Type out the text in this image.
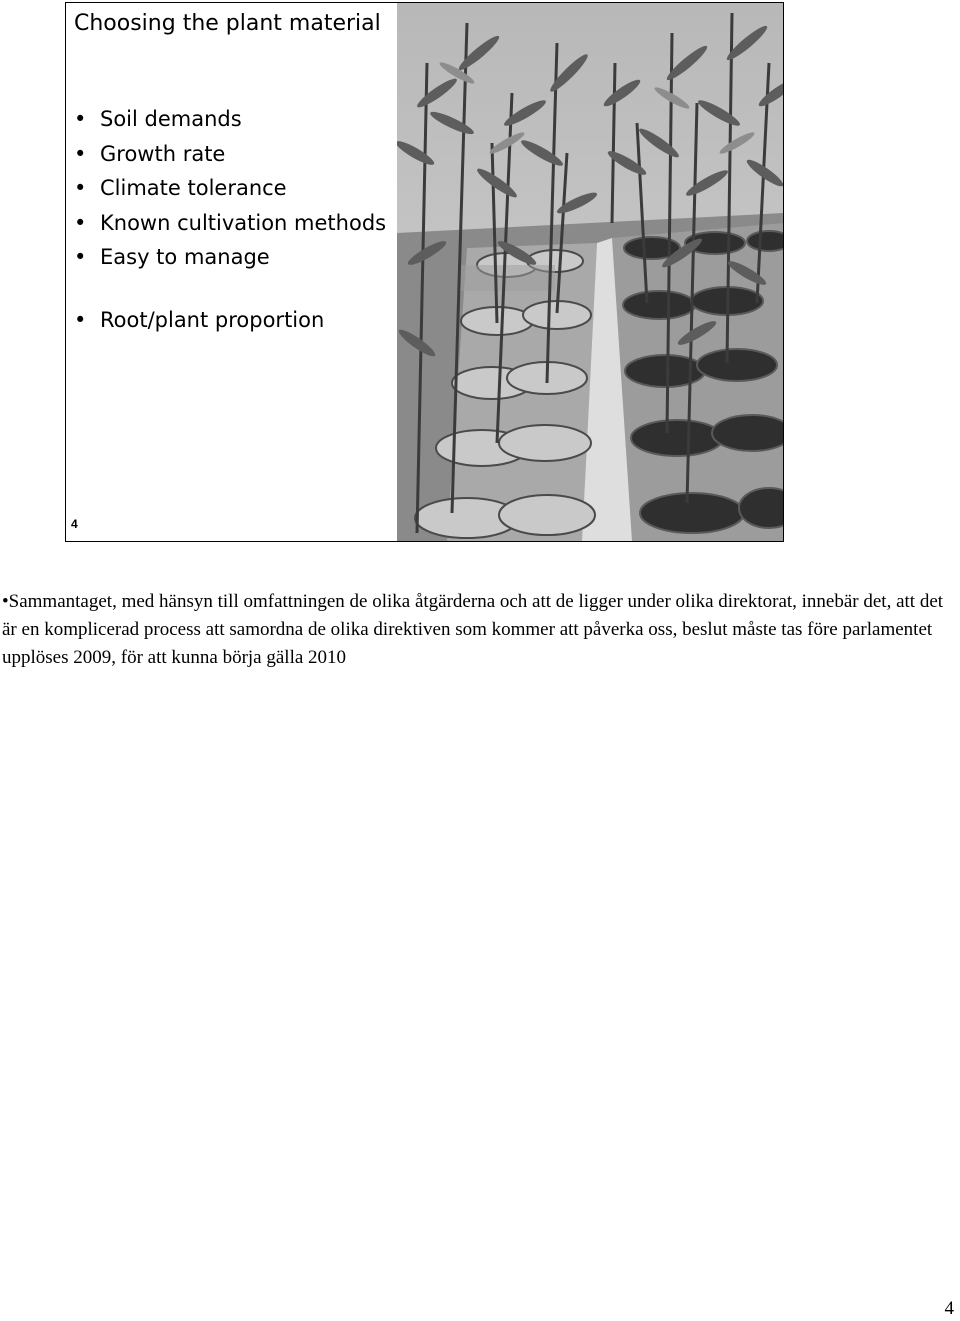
Choosing the plant material
• Soil demands
• Growth rate
• Climate tolerance
• Known cultivation methods
• Easy to manage
• Root/plant proportion
4
•Sammantaget, med hänsyn till omfattningen de olika åtgärderna och att de ligger under olika direktorat, innebär det, att det är en komplicerad process att samordna de olika direktiven som kommer att påverka oss, beslut måste tas före parlamentet upplöses 2009, för att kunna börja gälla 2010
4
